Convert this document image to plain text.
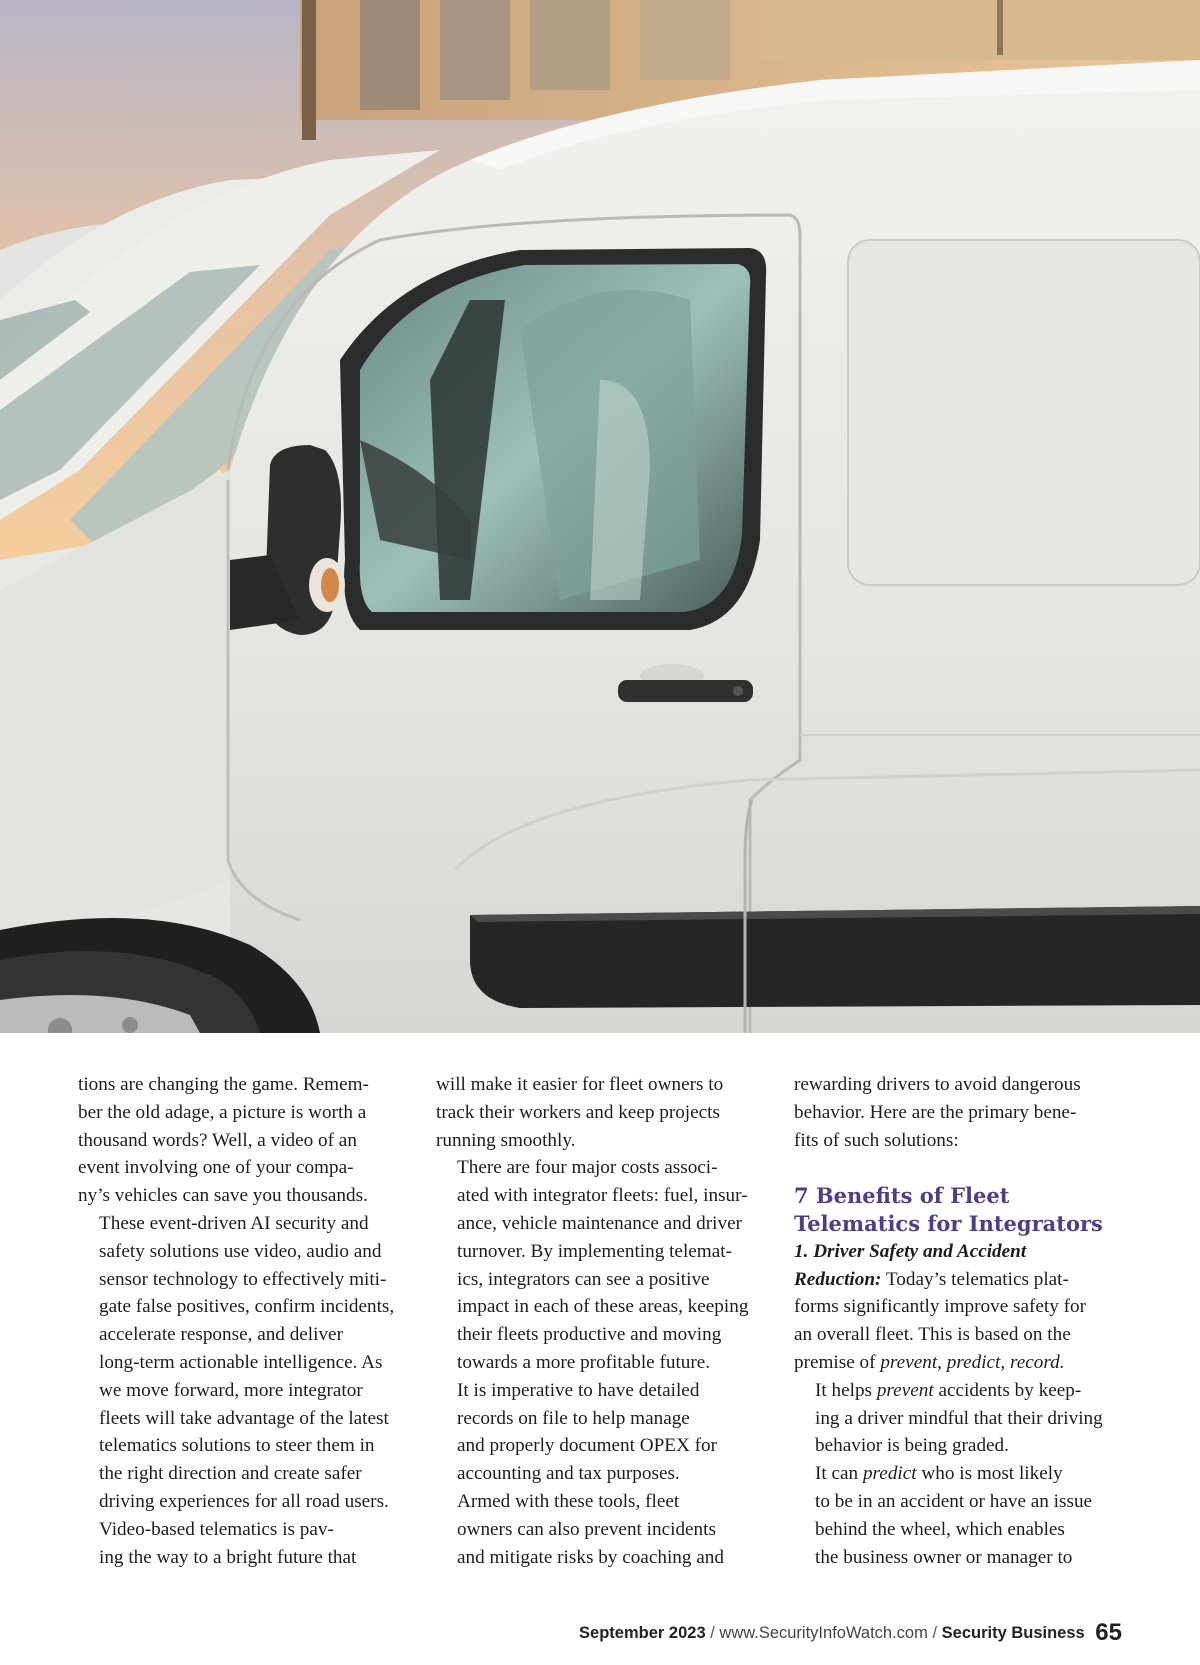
tions are changing the game. Remem-
ber the old adage, a picture is worth a
thousand words? Well, a video of an
event involving one of your compa-
ny’s vehicles can save you thousands.

These event-driven AI security and
safety solutions use video, audio and
sensor technology to effectively miti-
gate false positives, confirm incidents,
accelerate response, and deliver
long-term actionable intelligence. As
we move forward, more integrator
fleets will take advantage of the latest
telematics solutions to steer them in
the right direction and create safer
driving experiences for all road users.

Video-based telematics is pav-
ing the way to a bright future that

will make it easier for fleet owners to
track their workers and keep projects
running smoothly.

There are four major costs associ-
ated with integrator fleets: fuel, insur-
ance, vehicle maintenance and driver
turnover. By implementing telemat-
ics, integrators can see a positive
impact in each of these areas, keeping
their fleets productive and moving
towards a more profitable future.

It is imperative to have detailed
records on file to help manage
and properly document OPEX for
accounting and tax purposes.

Armed with these tools, fleet
owners can also prevent incidents
and mitigate risks by coaching and

rewarding drivers to avoid dangerous
behavior. Here are the primary bene-
fits of such solutions:

7 Benefits of Fleet
Telematics for Integrators

1. Driver Safety and Accident
Reduction: Today’s telematics plat-
forms significantly improve safety for
an overall fleet. This is based on the
premise of prevent, predict, record.

It helps prevent accidents by keep-
ing a driver mindful that their driving
behavior is being graded.

It can predict who is most likely
to be in an accident or have an issue
behind the wheel, which enables
the business owner or manager to

September 2023 / www.SecurityInfoWatch.com / Security Business 65
